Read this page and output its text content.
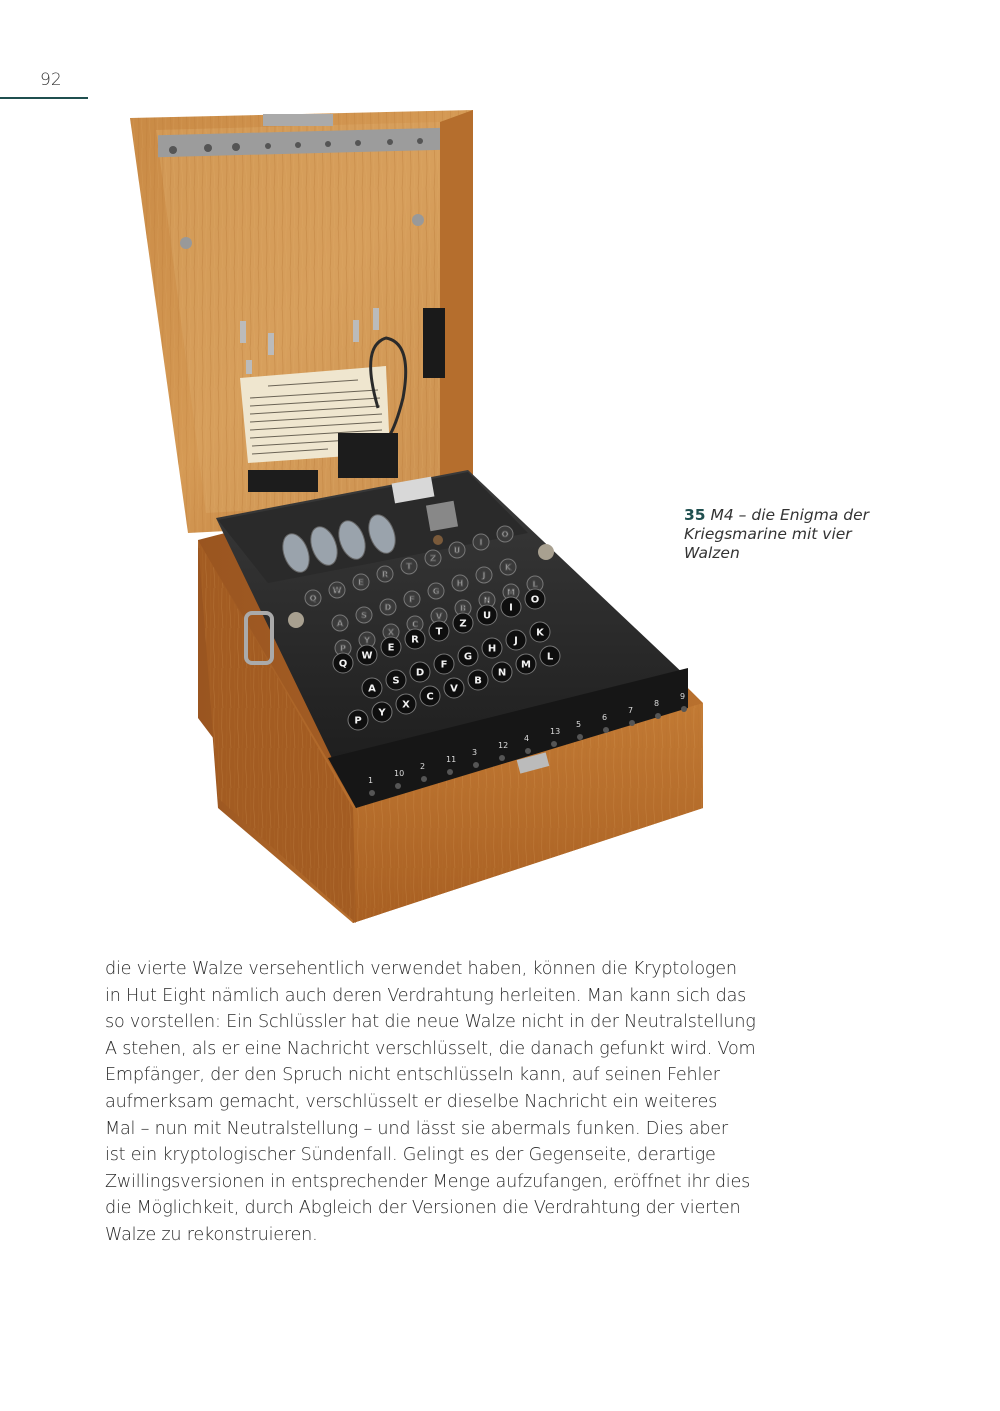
92
Q
W
E
R
T
Z
U
I
O
A
S
D
F
G
H
J
K
P
Y
X
C
V
B
N
M
L
Q
W
E
R
T
Z
U
I
O
A
S
D
F
G
H
J
K
P
Y
X
C
V
B
N
M
L
1
10
2
11
3
12
4
13
5
6
7
8
9
35 M4 – die Enigma der
Kriegsmarine mit vier
Walzen
die vierte Walze versehentlich verwendet haben, können die Kryptologen
in Hut Eight nämlich auch deren Verdrahtung herleiten. Man kann sich das
so vorstellen: Ein Schlüssler hat die neue Walze nicht in der Neutralstellung
A stehen, als er eine Nachricht verschlüsselt, die danach gefunkt wird. Vom
Empfänger, der den Spruch nicht entschlüsseln kann, auf seinen Fehler
aufmerksam gemacht, verschlüsselt er dieselbe Nachricht ein weiteres
Mal – nun mit Neutralstellung – und lässt sie abermals funken. Dies aber
ist ein kryptologischer Sündenfall. Gelingt es der Gegenseite, derartige
Zwillingsversionen in entsprechender Menge aufzufangen, eröffnet ihr dies
die Möglichkeit, durch Abgleich der Versionen die Verdrahtung der vierten
Walze zu rekonstruieren.
